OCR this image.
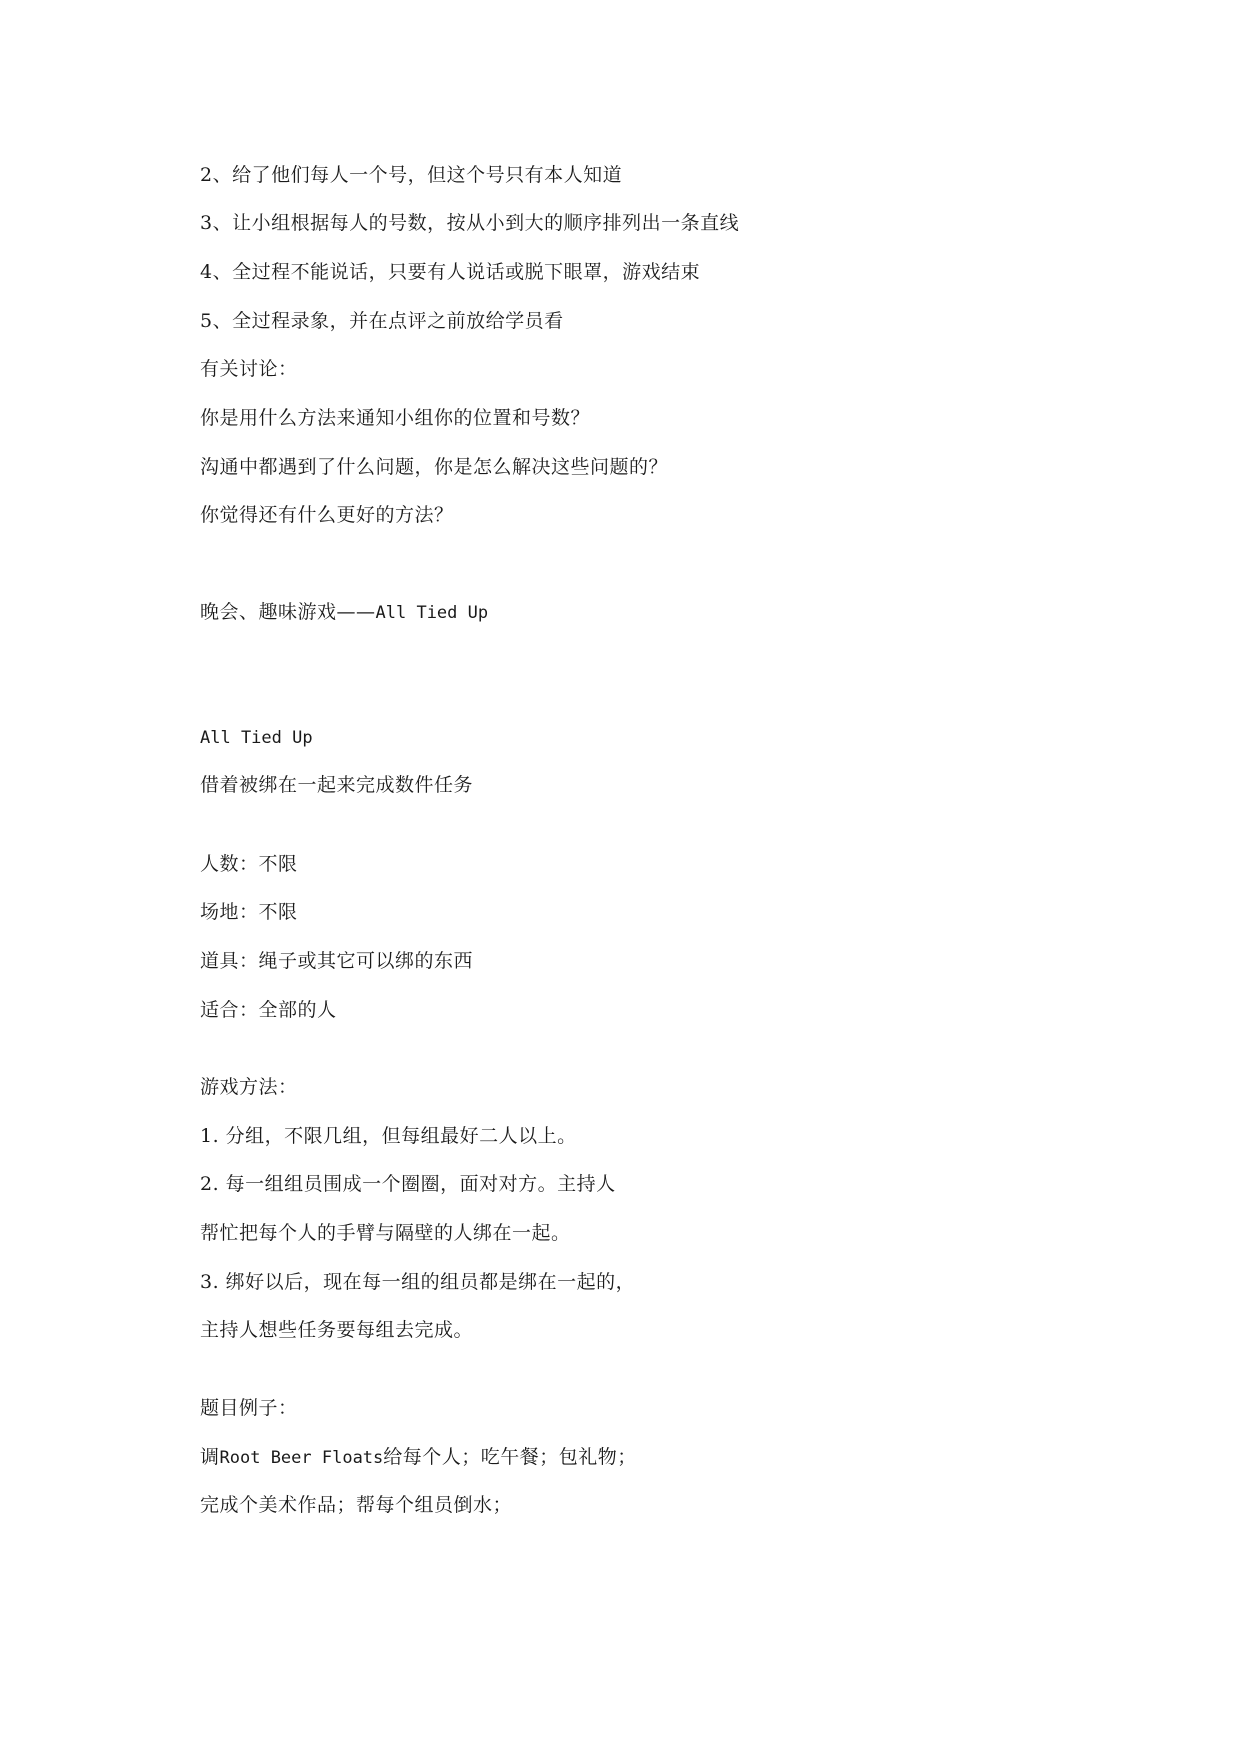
2、给了他们每人一个号，但这个号只有本人知道
3、让小组根据每人的号数，按从小到大的顺序排列出一条直线
4、全过程不能说话，只要有人说话或脱下眼罩，游戏结束
5、全过程录象，并在点评之前放给学员看
有关讨论：
你是用什么方法来通知小组你的位置和号数？
沟通中都遇到了什么问题，你是怎么解决这些问题的？
你觉得还有什么更好的方法？
晚会、趣味游戏——All Tied Up
All Tied Up
借着被绑在一起来完成数件任务
人数：不限
场地：不限
道具：绳子或其它可以绑的东西
适合：全部的人
游戏方法：
1. 分组，不限几组，但每组最好二人以上。
2. 每一组组员围成一个圈圈，面对对方。主持人
帮忙把每个人的手臂与隔壁的人绑在一起。
3. 绑好以后，现在每一组的组员都是绑在一起的，
主持人想些任务要每组去完成。
题目例子：
调Root Beer Floats给每个人；吃午餐；包礼物；
完成个美术作品；帮每个组员倒水；
